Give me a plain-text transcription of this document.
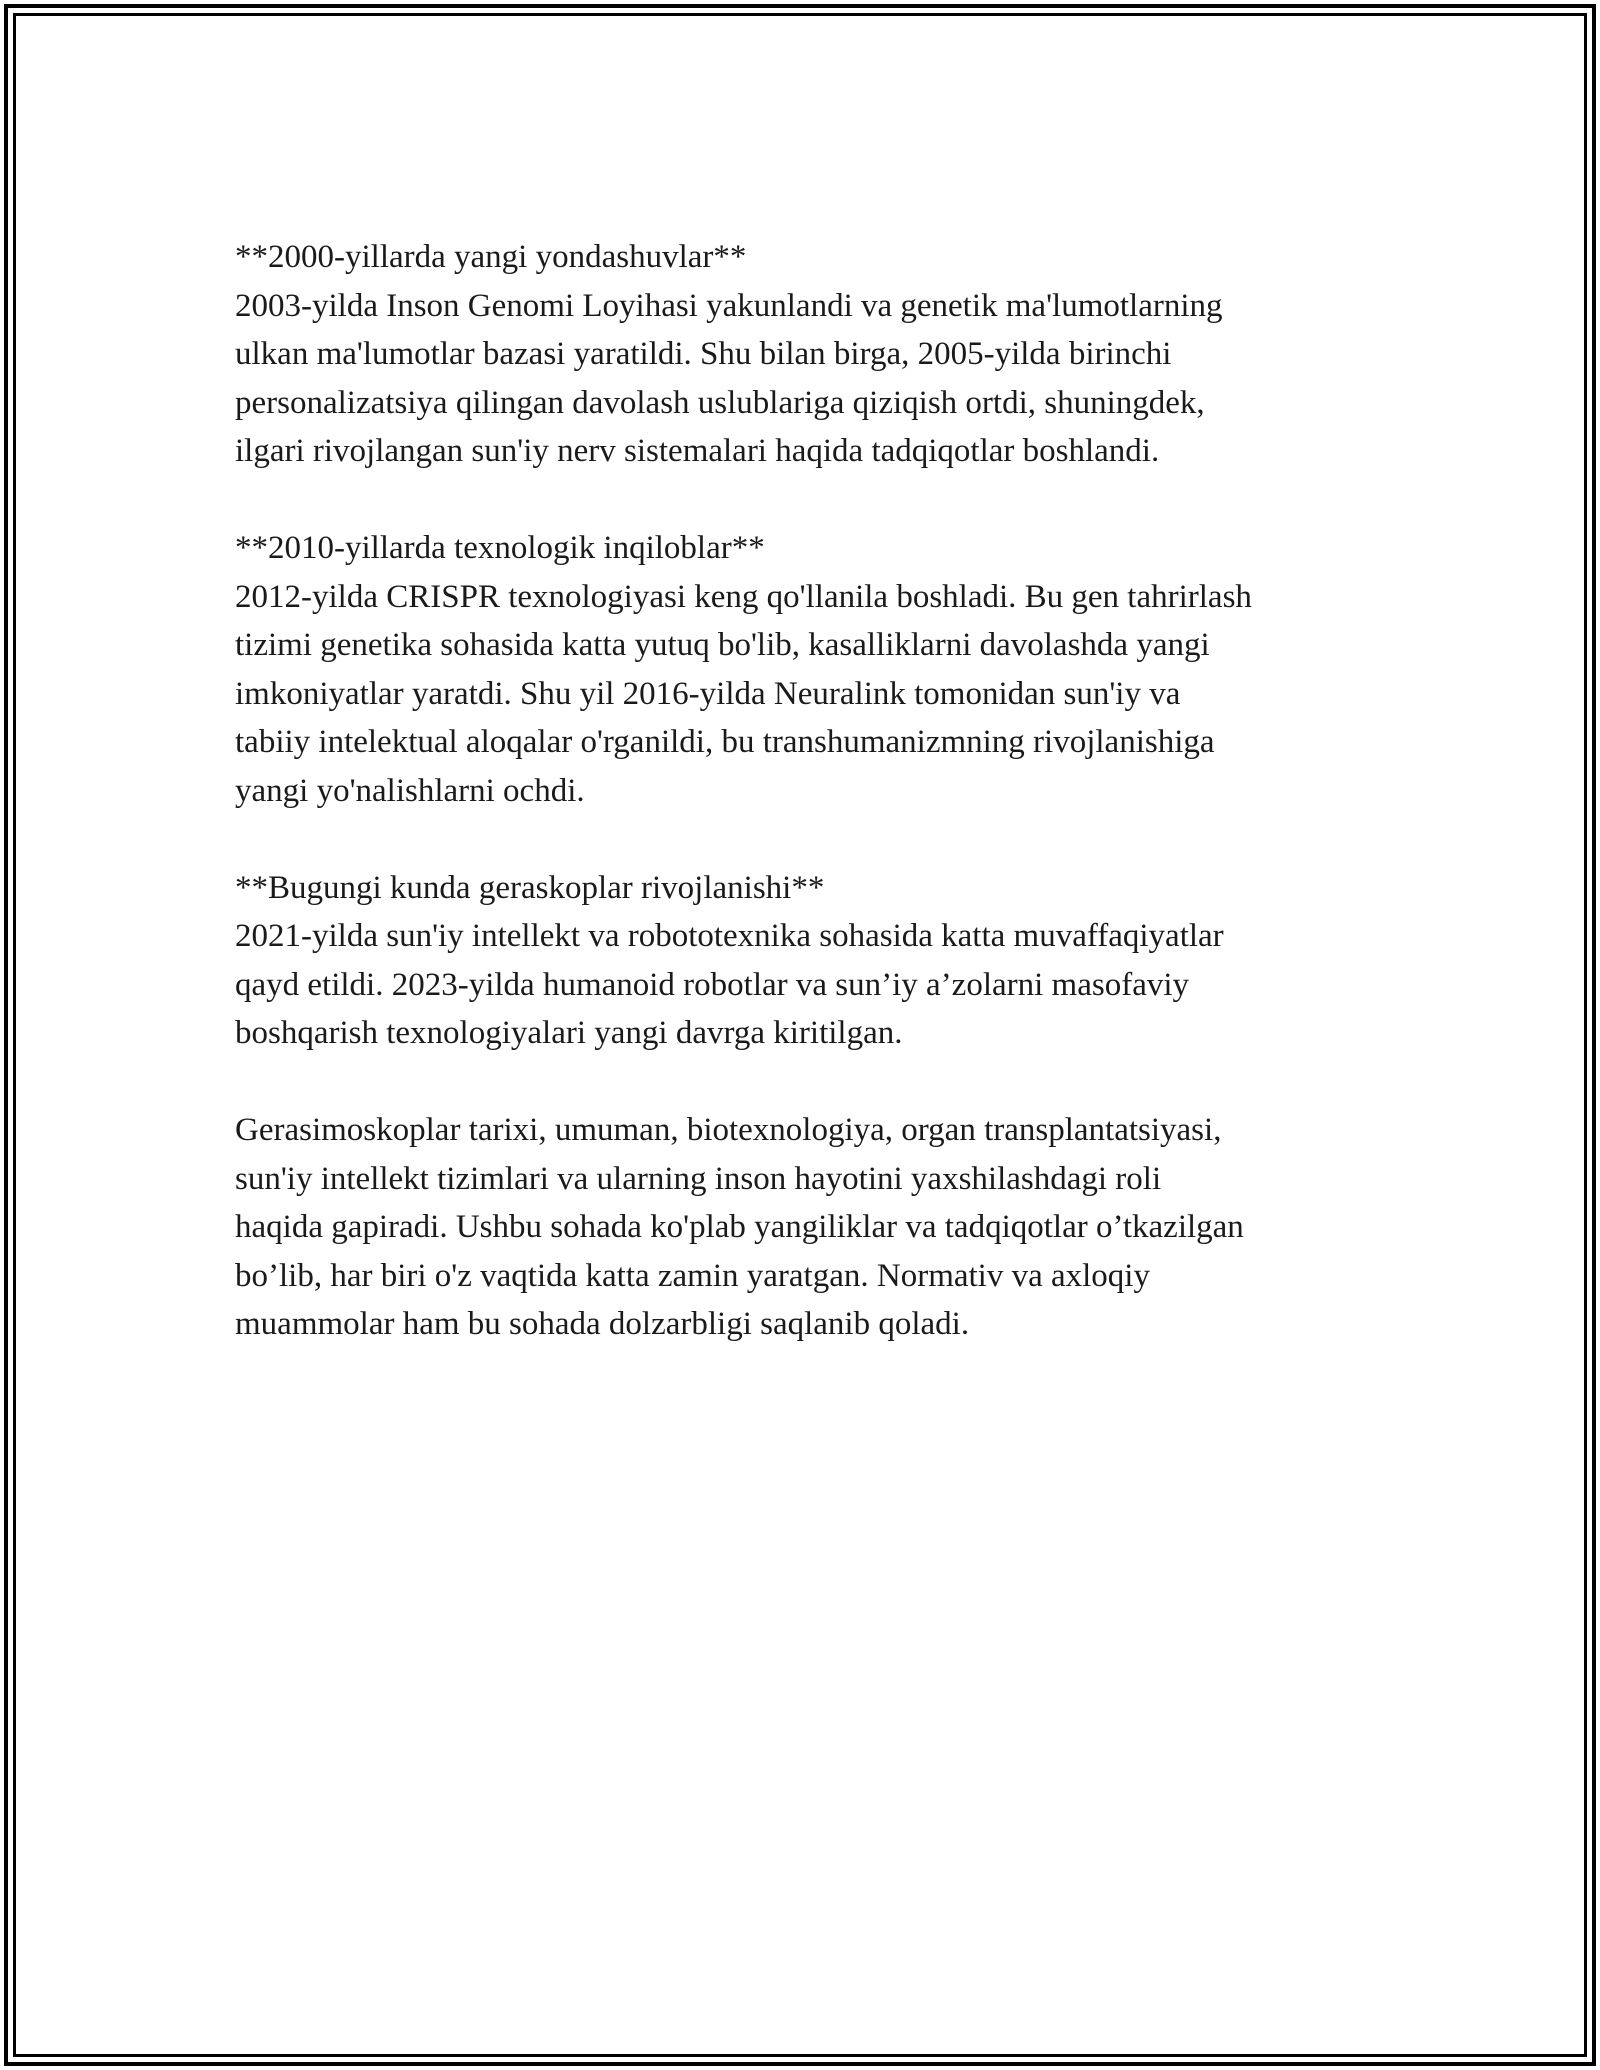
**2000-yillarda yangi yondashuvlar**

2003-yilda Inson Genomi Loyihasi yakunlandi va genetik ma'lumotlarning
ulkan ma'lumotlar bazasi yaratildi. Shu bilan birga, 2005-yilda birinchi
personalizatsiya qilingan davolash uslublariga qiziqish ortdi, shuningdek,
ilgari rivojlangan sun'iy nerv sistemalari haqida tadqiqotlar boshlandi.

**2010-yillarda texnologik inqiloblar**

2012-yilda CRISPR texnologiyasi keng qo'llanila boshladi. Bu gen tahrirlash
tizimi genetika sohasida katta yutuq bo'lib, kasalliklarni davolashda yangi
imkoniyatlar yaratdi. Shu yil 2016-yilda Neuralink tomonidan sun'iy va
tabiiy intelektual aloqalar o'rganildi, bu transhumanizmning rivojlanishiga
yangi yo'nalishlarni ochdi.

**Bugungi kunda geraskoplar rivojlanishi**

2021-yilda sun'iy intellekt va robototexnika sohasida katta muvaffaqiyatlar
qayd etildi. 2023-yilda humanoid robotlar va sun’iy a’zolarni masofaviy
boshqarish texnologiyalari yangi davrga kiritilgan.

Gerasimoskoplar tarixi, umuman, biotexnologiya, organ transplantatsiyasi,
sun'iy intellekt tizimlari va ularning inson hayotini yaxshilashdagi roli
haqida gapiradi. Ushbu sohada ko'plab yangiliklar va tadqiqotlar o’tkazilgan
bo’lib, har biri o'z vaqtida katta zamin yaratgan. Normativ va axloqiy
muammolar ham bu sohada dolzarbligi saqlanib qoladi.
